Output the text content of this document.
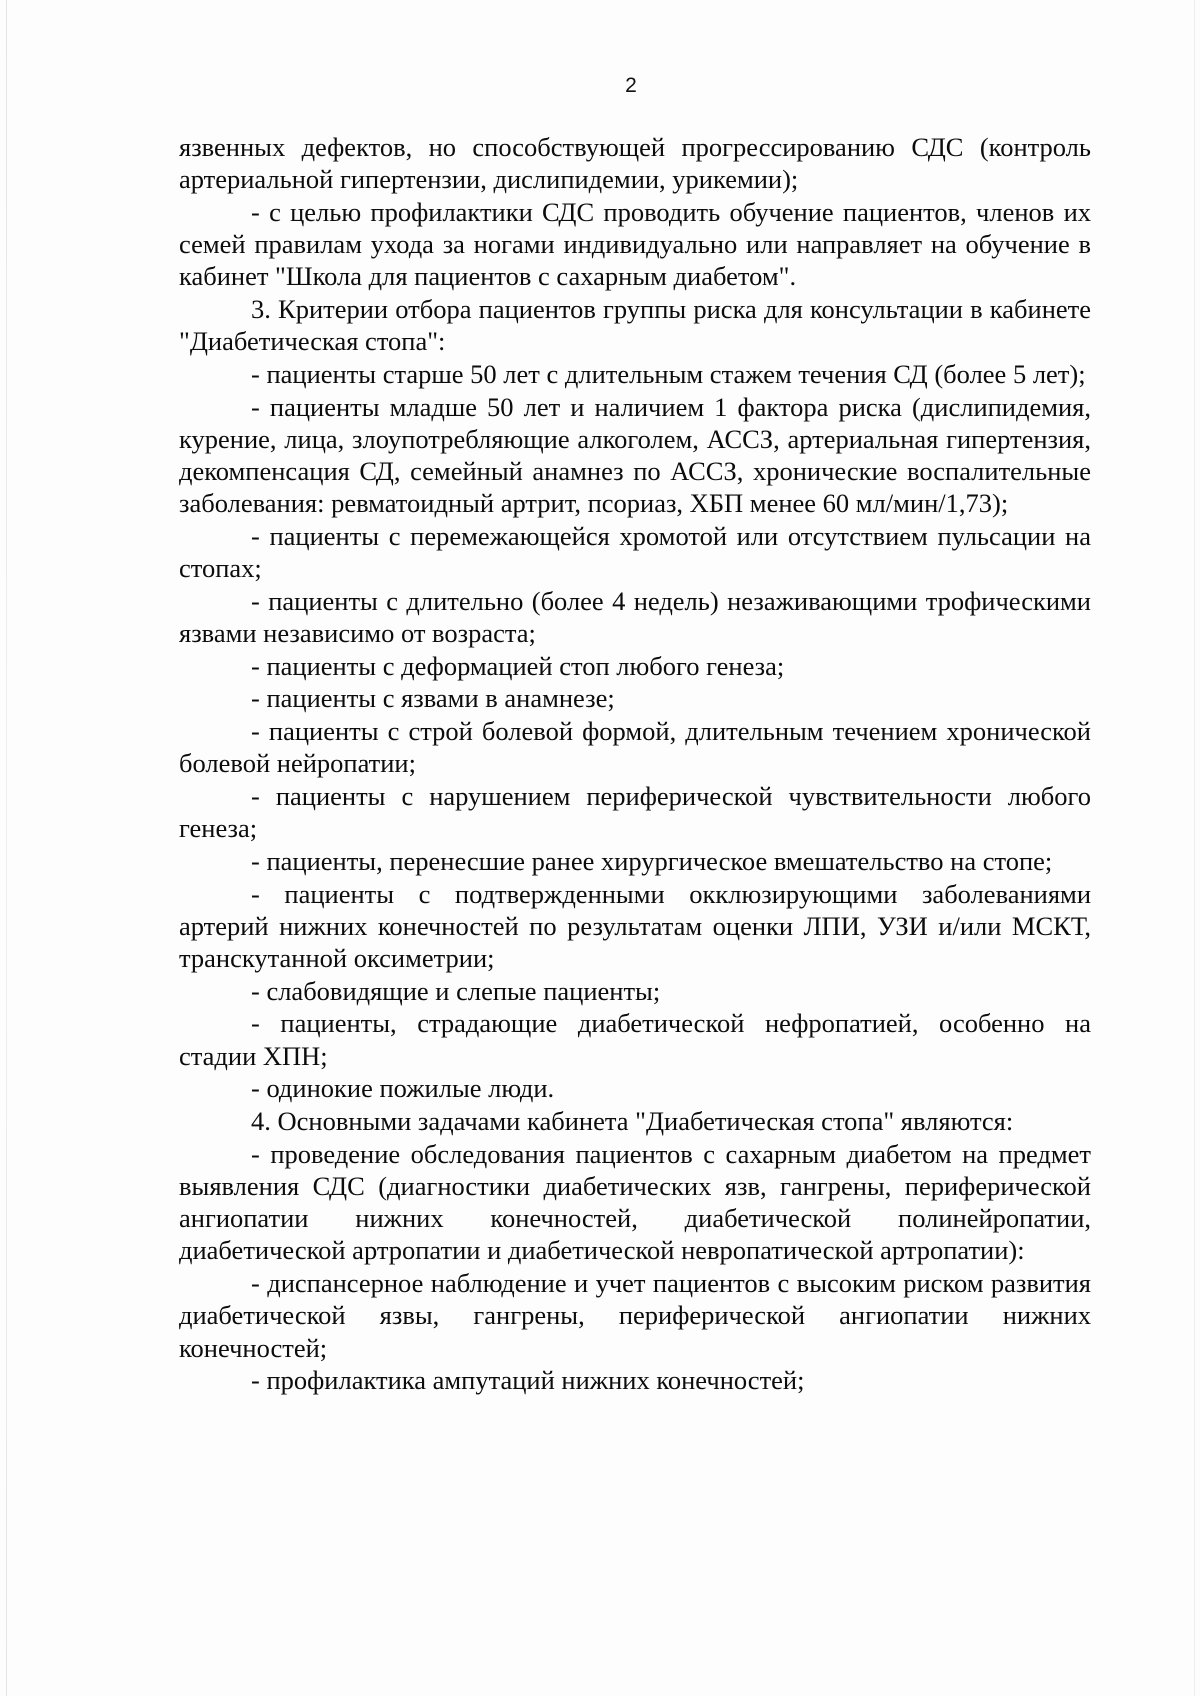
2

язвенных дефектов, но способствующей прогрессированию СДС (контроль артериальной гипертензии, дислипидемии, урикемии);

- с целью профилактики СДС проводить обучение пациентов, членов их семей правилам ухода за ногами индивидуально или направляет на обучение в кабинет "Школа для пациентов с сахарным диабетом".

3. Критерии отбора пациентов группы риска для консультации в кабинете "Диабетическая стопа":

- пациенты старше 50 лет с длительным стажем течения СД (более 5 лет);

- пациенты младше 50 лет и наличием 1 фактора риска (дислипидемия, курение, лица, злоупотребляющие алкоголем, АССЗ, артериальная гипертензия, декомпенсация СД, семейный анамнез по АССЗ, хронические воспалительные заболевания: ревматоидный артрит, псориаз, ХБП менее 60 мл/мин/1,73);

- пациенты с перемежающейся хромотой или отсутствием пульсации на стопах;

- пациенты с длительно (более 4 недель) незаживающими трофическими язвами независимо от возраста;

- пациенты с деформацией стоп любого генеза;

- пациенты с язвами в анамнезе;

- пациенты с строй болевой формой, длительным течением хронической болевой нейропатии;

- пациенты с нарушением периферической чувствительности любого генеза;

- пациенты, перенесшие ранее хирургическое вмешательство на стопе;

- пациенты с подтвержденными окклюзирующими заболеваниями артерий нижних конечностей по результатам оценки ЛПИ, УЗИ и/или МСКТ, транскутанной оксиметрии;

- слабовидящие и слепые пациенты;

- пациенты, страдающие диабетической нефропатией, особенно на стадии ХПН;

- одинокие пожилые люди.

4. Основными задачами кабинета "Диабетическая стопа" являются:

- проведение обследования пациентов с сахарным диабетом на предмет выявления СДС (диагностики диабетических язв, гангрены, периферической ангиопатии нижних конечностей, диабетической полинейропатии, диабетической артропатии и диабетической невропатической артропатии):

- диспансерное наблюдение и учет пациентов с высоким риском развития диабетической язвы, гангрены, периферической ангиопатии нижних конечностей;

- профилактика ампутаций нижних конечностей;
